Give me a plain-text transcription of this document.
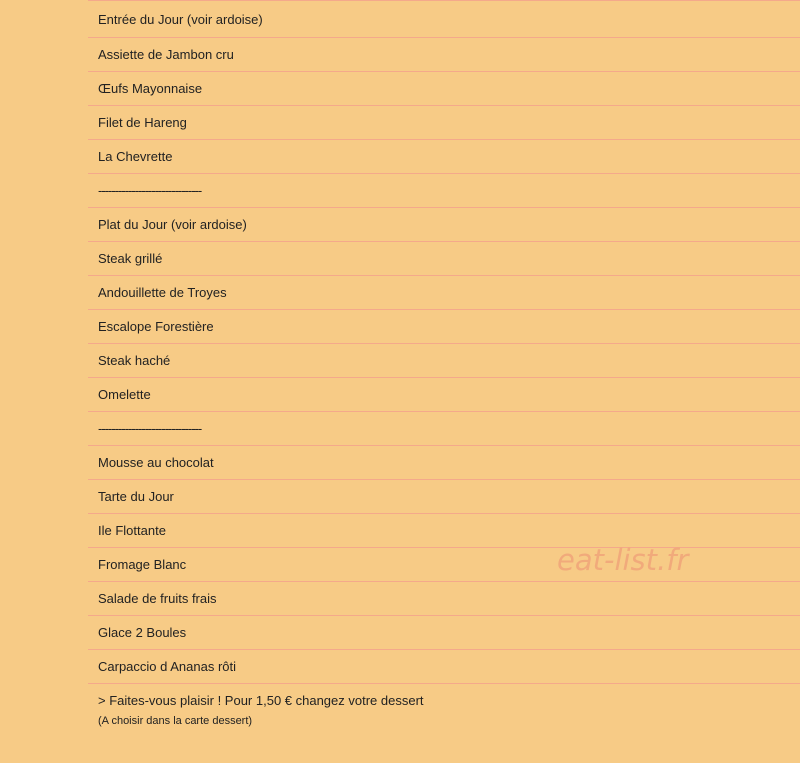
Entrée du Jour (voir ardoise)
Assiette de Jambon cru
Œufs Mayonnaise
Filet de Hareng
La Chevrette
-------------------------------
Plat du Jour (voir ardoise)
Steak grillé
Andouillette de Troyes
Escalope Forestière
Steak haché
Omelette
-------------------------------
Mousse au chocolat
Tarte du Jour
Ile Flottante
Fromage Blanc
Salade de fruits frais
Glace 2 Boules
Carpaccio d Ananas rôti
> Faites-vous plaisir ! Pour 1,50 € changez votre dessert
(A choisir dans la carte dessert)
eat-list.fr
